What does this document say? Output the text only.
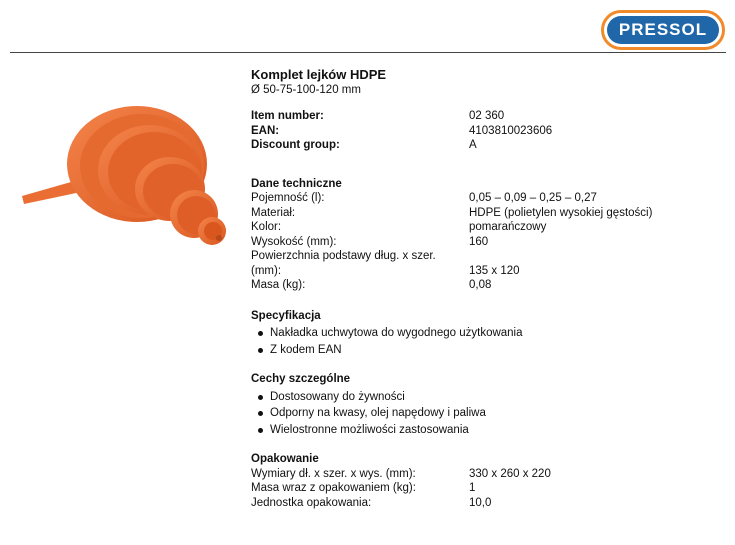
PRESSOL
Komplet lejków HDPE
Ø 50-75-100-120 mm
Item number:	02 360
EAN:	4103810023606
Discount group:	A
Dane techniczne
Pojemność (l):	0,05 – 0,09 – 0,25 – 0,27
Materiał:	HDPE (polietylen wysokiej gęstości)
Kolor:	pomarańczowy
Wysokość (mm):	160
Powierzchnia podstawy dług. x szer. (mm):	135 x 120
Masa (kg):	0,08
Specyfikacja
Nakładka uchwytowa do wygodnego użytkowania
Z kodem EAN
Cechy szczególne
Dostosowany do żywności
Odporny na kwasy, olej napędowy i paliwa
Wielostronne możliwości zastosowania
Opakowanie
Wymiary dł. x szer. x wys. (mm):	330 x 260 x 220
Masa wraz z opakowaniem (kg):	1
Jednostka opakowania:	10,0
